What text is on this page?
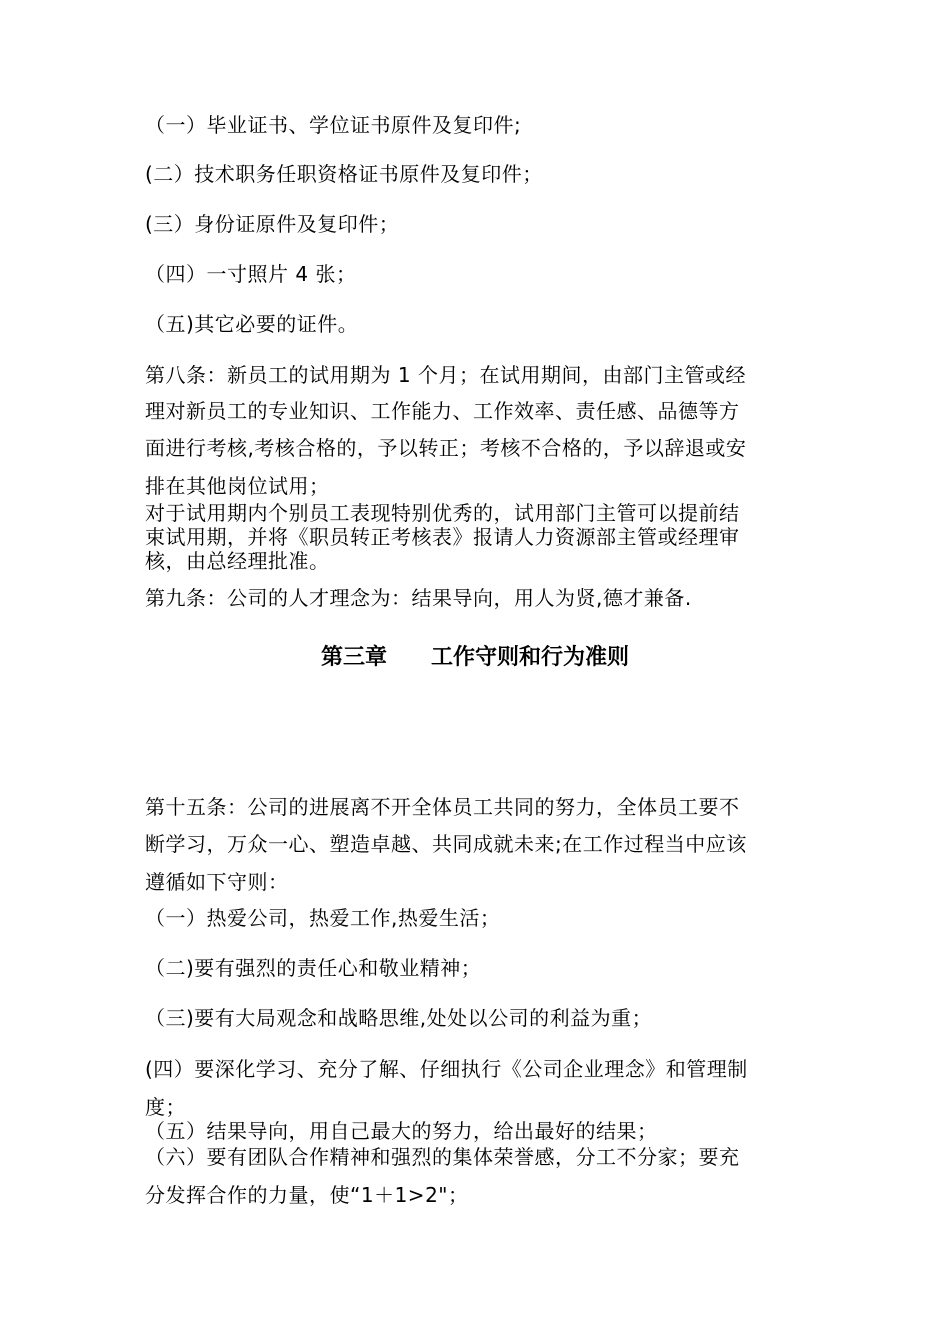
（一）毕业证书、学位证书原件及复印件;
(二）技术职务任职资格证书原件及复印件；
(三）身份证原件及复印件；
（四）一寸照片 4 张；
（五)其它必要的证件。
第八条：新员工的试用期为 1 个月；在试用期间，由部门主管或经
理对新员工的专业知识、工作能力、工作效率、责任感、品德等方
面进行考核,考核合格的，予以转正；考核不合格的，予以辞退或安
排在其他岗位试用；
对于试用期内个别员工表现特别优秀的，试用部门主管可以提前结
束试用期，并将《职员转正考核表》报请人力资源部主管或经理审
核，由总经理批准。
第九条：公司的人才理念为：结果导向，用人为贤,德才兼备.
第三章　　工作守则和行为准则
第十五条：公司的进展离不开全体员工共同的努力，全体员工要不
断学习，万众一心、塑造卓越、共同成就未来;在工作过程当中应该
遵循如下守则：
（一）热爱公司，热爱工作,热爱生活；
（二)要有强烈的责任心和敬业精神；
（三)要有大局观念和战略思维,处处以公司的利益为重；
(四）要深化学习、充分了解、仔细执行《公司企业理念》和管理制
度；
（五）结果导向，用自己最大的努力，给出最好的结果；
（六）要有团队合作精神和强烈的集体荣誉感，分工不分家；要充
分发挥合作的力量，使“1＋1>2"；
